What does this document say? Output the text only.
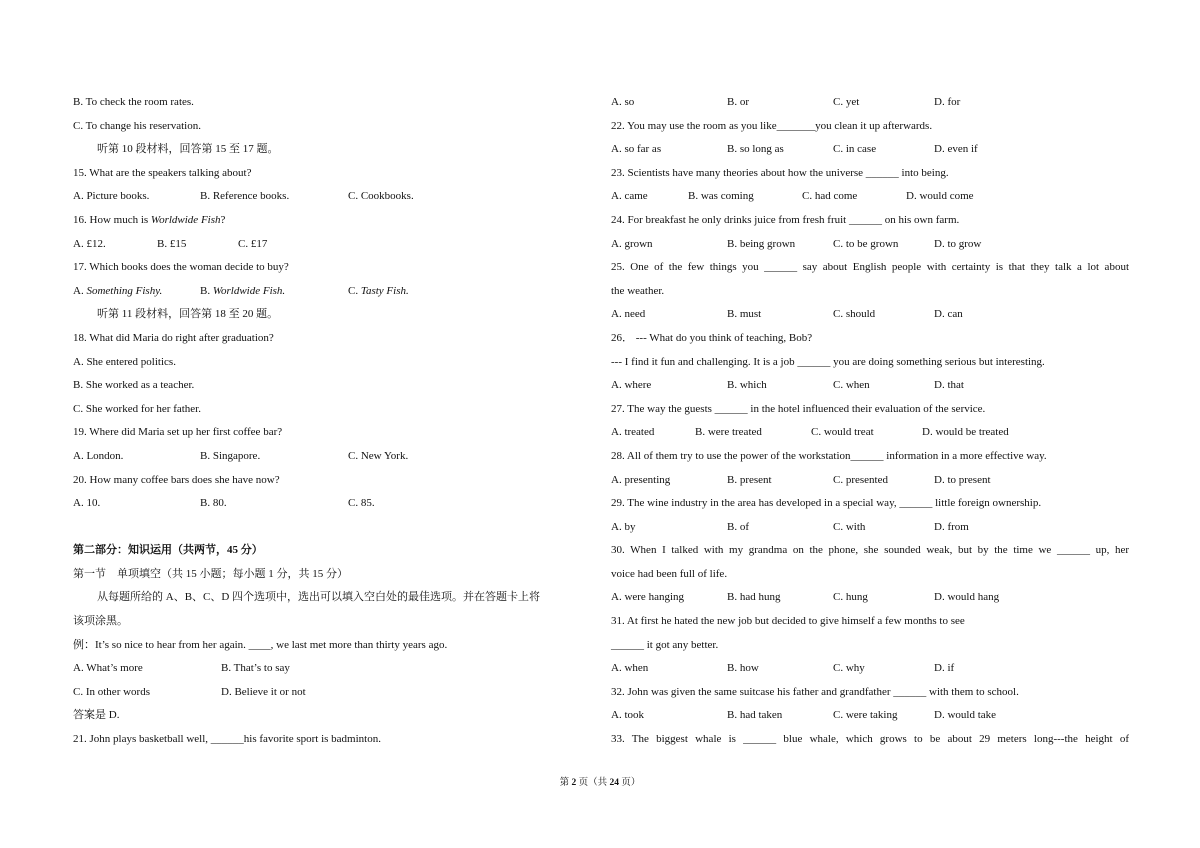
B. To check the room rates.
C. To change his reservation.
听第 10 段材料，回答第 15 至 17 题。
15. What are the speakers talking about?
A. Picture books.	B. Reference books.	C. Cookbooks.
16. How much is Worldwide Fish?
A. £12.	B. £15	C. £17
17. Which books does the woman decide to buy?
A. Something Fishy.	B. Worldwide Fish.	C. Tasty Fish.
听第 11 段材料，回答第 18 至 20 题。
18. What did Maria do right after graduation?
A. She entered politics.
B. She worked as a teacher.
C. She worked for her father.
19. Where did Maria set up her first coffee bar?
A. London.	B. Singapore.	C. New York.
20. How many coffee bars does she have now?
A. 10.	B. 80.	C. 85.
第二部分：知识运用（共两节，45 分）
第一节　单项填空（共 15 小题；每小题 1 分，共 15 分）
从每题所给的 A、B、C、D 四个选项中，选出可以填入空白处的最佳选项。并在答题卡上将
该项涂黑。
例：It’s so nice to hear from her again. ____, we last met more than thirty years ago.
A. What’s more	B. That’s to say
C. In other words	D. Believe it or not
答案是 D.
21. John plays basketball well, ______his favorite sport is badminton.
A. so	B. or	C. yet	D. for
22. You may use the room as you like_______you clean it up afterwards.
A. so far as	B. so long as	C. in case	D. even if
23. Scientists have many theories about how the universe ______ into being.
A. came	B. was coming	C. had come	D. would come
24. For breakfast he only drinks juice from fresh fruit ______ on his own farm.
A. grown	B. being grown	C. to be grown	D. to grow
25. One of the few things you ______ say about English people with certainty is that they talk a lot about
the weather.
A. need	B. must	C. should	D. can
26． --- What do you think of teaching, Bob?
--- I find it fun and challenging. It is a job ______ you are doing something serious but interesting.
A. where	B. which	C. when	D. that
27. The way the guests ______ in the hotel influenced their evaluation of the service.
A. treated	B. were treated	C. would treat	D. would be treated
28. All of them try to use the power of the workstation______ information in a more effective way.
A. presenting	B. present	C. presented	D. to present
29. The wine industry in the area has developed in a special way, ______ little foreign ownership.
A. by	B. of	C. with	D. from
30. When I talked with my grandma on the phone, she sounded weak, but by the time we ______ up, her
voice had been full of life.
A. were hanging	B. had hung	C. hung	D. would hang
31. At first he hated the new job but decided to give himself a few months to see
______ it got any better.
A. when	B. how	C. why	D. if
32. John was given the same suitcase his father and grandfather ______ with them to school.
A. took	B. had taken	C. were taking	D. would take
33. The biggest whale is ______ blue whale, which grows to be about 29 meters long---the height of
第 2 页（共 24 页）
